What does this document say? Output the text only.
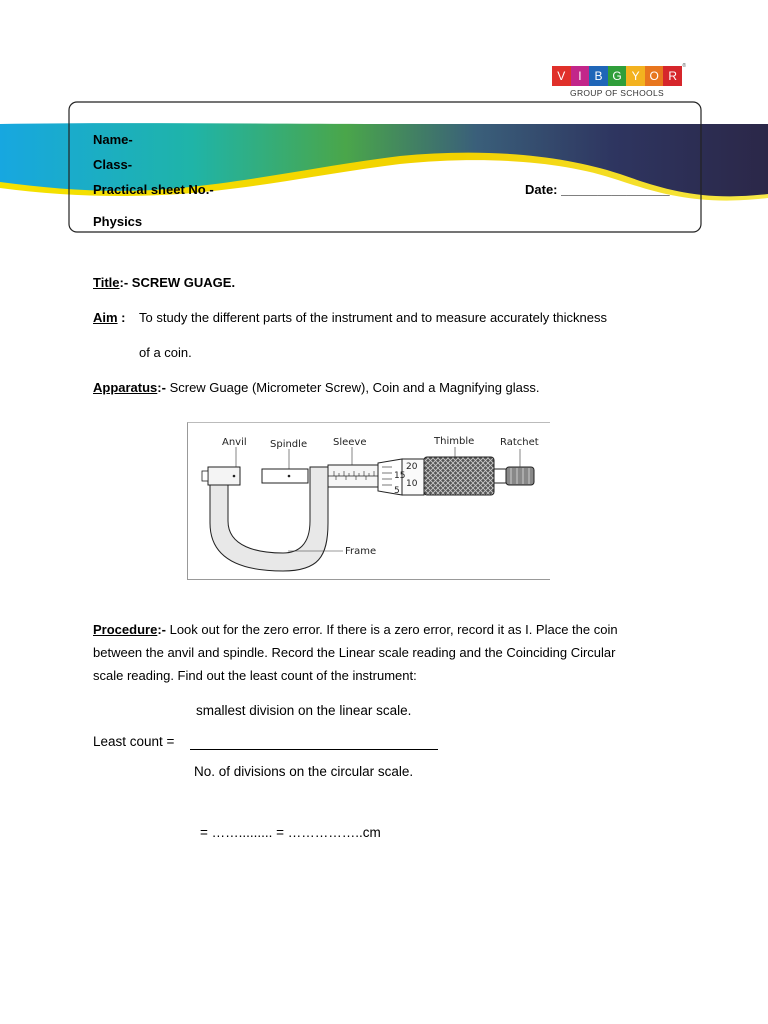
V	I	B G Y O R
®
GROUP OF SCHOOLS
Name-
Class-
Practical sheet No.-	Date: _______________
Physics
Title:- SCREW GUAGE.
Aim : To study the different parts of the instrument and to measure accurately thickness
of a coin.
Apparatus:- Screw Guage (Micrometer Screw), Coin and a Magnifying glass.
20
15
10
5
Anvil Spindle	Sleeve	Thimble	Ratchet
Frame
Procedure:- Look out for the zero error. If there is a zero error, record it as I. Place the coin
between the anvil and spindle. Record the Linear scale reading and the Coinciding Circular
scale reading. Find out the least count of the instrument:
smallest division on the linear scale.
Least count =
No. of divisions on the circular scale.
= ……......... = ……………..cm
